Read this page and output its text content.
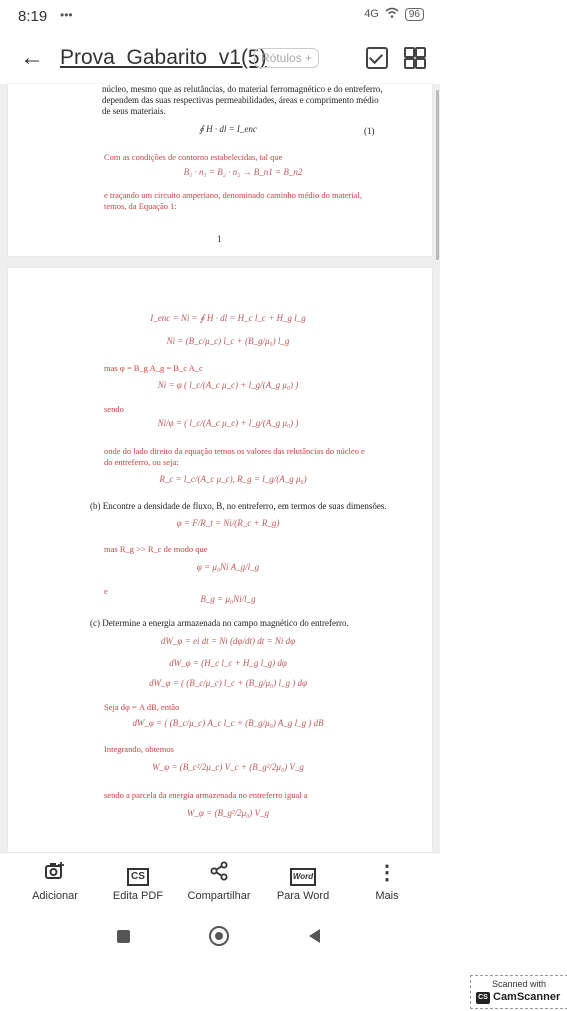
8:19 •••	4G	96
← Prova_Gabarito_v1(5)
Rótulos +
núcleo, mesmo que as relutâncias, do material ferromagnético e do entreferro,
dependem das suas respectivas permeabilidades, áreas e comprimento médio
de seus materiais.
∮ H · dl = I_enc	(1)
Com as condições de contorno estabelecidas, tal que
B₁ · n₁ = B₂ · n₂ → B_n1 = B_n2
e traçando um circuito amperiano, denominado caminho médio do material,
temos, da Equação 1:
1
I_enc = Ni = ∮ H · dl = H_c l_c + H_g l_g
Ni = (B_c/μ_c) l_c + (B_g/μ₀) l_g
mas φ = B_g A_g = B_c A_c
Ni = φ ( l_c/(A_c μ_c) + l_g/(A_g μ₀) )
sendo
Ni/φ = ( l_c/(A_c μ_c) + l_g/(A_g μ₀) )
onde do lado direito da equação temos os valores das relutâncias do núcleo e
do entreferro, ou seja:
R_c = l_c/(A_c μ_c), R_g = l_g/(A_g μ₀)
(b) Encontre a densidade de fluxo, B, no entreferro, em termos de suas dimensões.
φ = F/R_t = Ni/(R_c + R_g)
mas R_g >> R_c de modo que
φ = μ₀Ni A_g/l_g
e
B_g = μ₀Ni/l_g
(c) Determine a energia armazenada no campo magnético do entreferro.
dW_φ = ei dt = Ni (dφ/dt) dt = Ni dφ
dW_φ = (H_c l_c + H_g l_g) dφ
dW_φ = ( (B_c/μ_c) l_c + (B_g/μ₀) l_g ) dφ
Seja dφ = A dB, então
dW_φ = ( (B_c/μ_c) A_c l_c + (B_g/μ₀) A_g l_g ) dB
Integrando, obtemos
W_φ = (B_c²/2μ_c) V_c + (B_g²/2μ₀) V_g
sendo a parcela da energia armazenada no entreferro igual a
W_φ = (B_g²/2μ₀) V_g
Adicionar
CS
Edita PDF	Compartilhar
Word
Para Word
⋮
Mais
Scanned with
CS CamScanner
